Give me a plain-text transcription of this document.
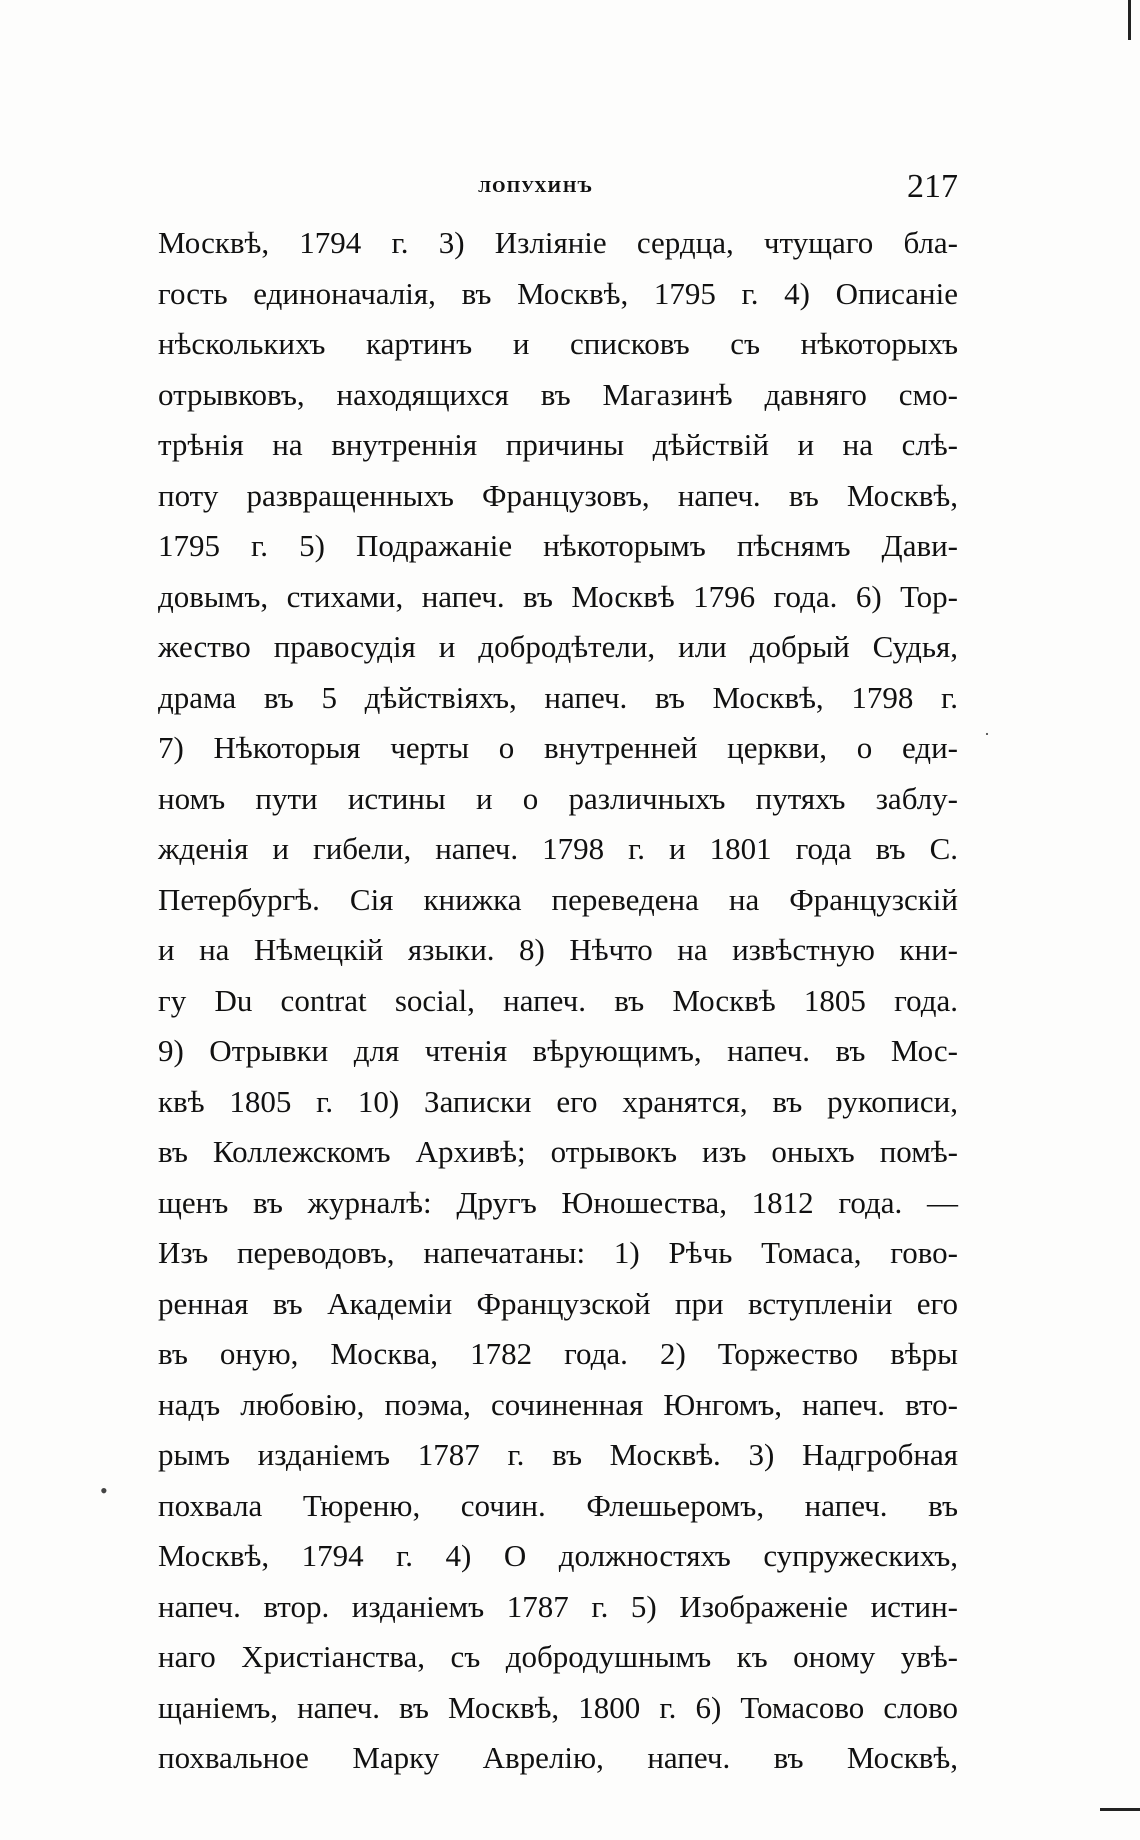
лопухинъ	217
Москвѣ, 1794 г. 3) Изліяніе сердца, чтущаго бла-
гость единоначалія, въ Москвѣ, 1795 г. 4) Описаніе
нѣсколькихъ картинъ и списковъ съ нѣкоторыхъ
отрывковъ, находящихся въ Магазинѣ давняго смо-
трѣнія на внутреннія причины дѣйствій и на слѣ-
поту развращенныхъ Французовъ, напеч. въ Москвѣ,
1795 г. 5) Подражаніе нѣкоторымъ пѣснямъ Дави-
довымъ, стихами, напеч. въ Москвѣ 1796 года. 6) Тор-
жество правосудія и добродѣтели, или добрый Судья,
драма въ 5 дѣйствіяхъ, напеч. въ Москвѣ, 1798 г.
7) Нѣкоторыя черты о внутренней церкви, о еди-
номъ пути истины и о различныхъ путяхъ заблу-
жденія и гибели, напеч. 1798 г. и 1801 года въ С.
Петербургѣ. Сія книжка переведена на Французскій
и на Нѣмецкій языки. 8) Нѣчто на извѣстную кни-
гу Du contrat social, напеч. въ Москвѣ 1805 года.
9) Отрывки для чтенія вѣрующимъ, напеч. въ Мос-
квѣ 1805 г. 10) Записки его хранятся, въ рукописи,
въ Коллежскомъ Архивѣ; отрывокъ изъ оныхъ помѣ-
щенъ въ журналѣ: Другъ Юношества, 1812 года. —
Изъ переводовъ, напечатаны: 1) Рѣчь Томаса, гово-
ренная въ Академіи Французской при вступленіи его
въ оную, Москва, 1782 года. 2) Торжество вѣры
надъ любовію, поэма, сочиненная Юнгомъ, напеч. вто-
рымъ изданіемъ 1787 г. въ Москвѣ. 3) Надгробная
похвала Тюреню, сочин. Флешьеромъ, напеч. въ
Москвѣ, 1794 г. 4) О должностяхъ супружескихъ,
напеч. втор. изданіемъ 1787 г. 5) Изображеніе истин-
наго Христіанства, съ добродушнымъ къ оному увѣ-
щаніемъ, напеч. въ Москвѣ, 1800 г. 6) Томасово слово
похвальное Марку Аврелію, напеч. въ Москвѣ,
•
·
